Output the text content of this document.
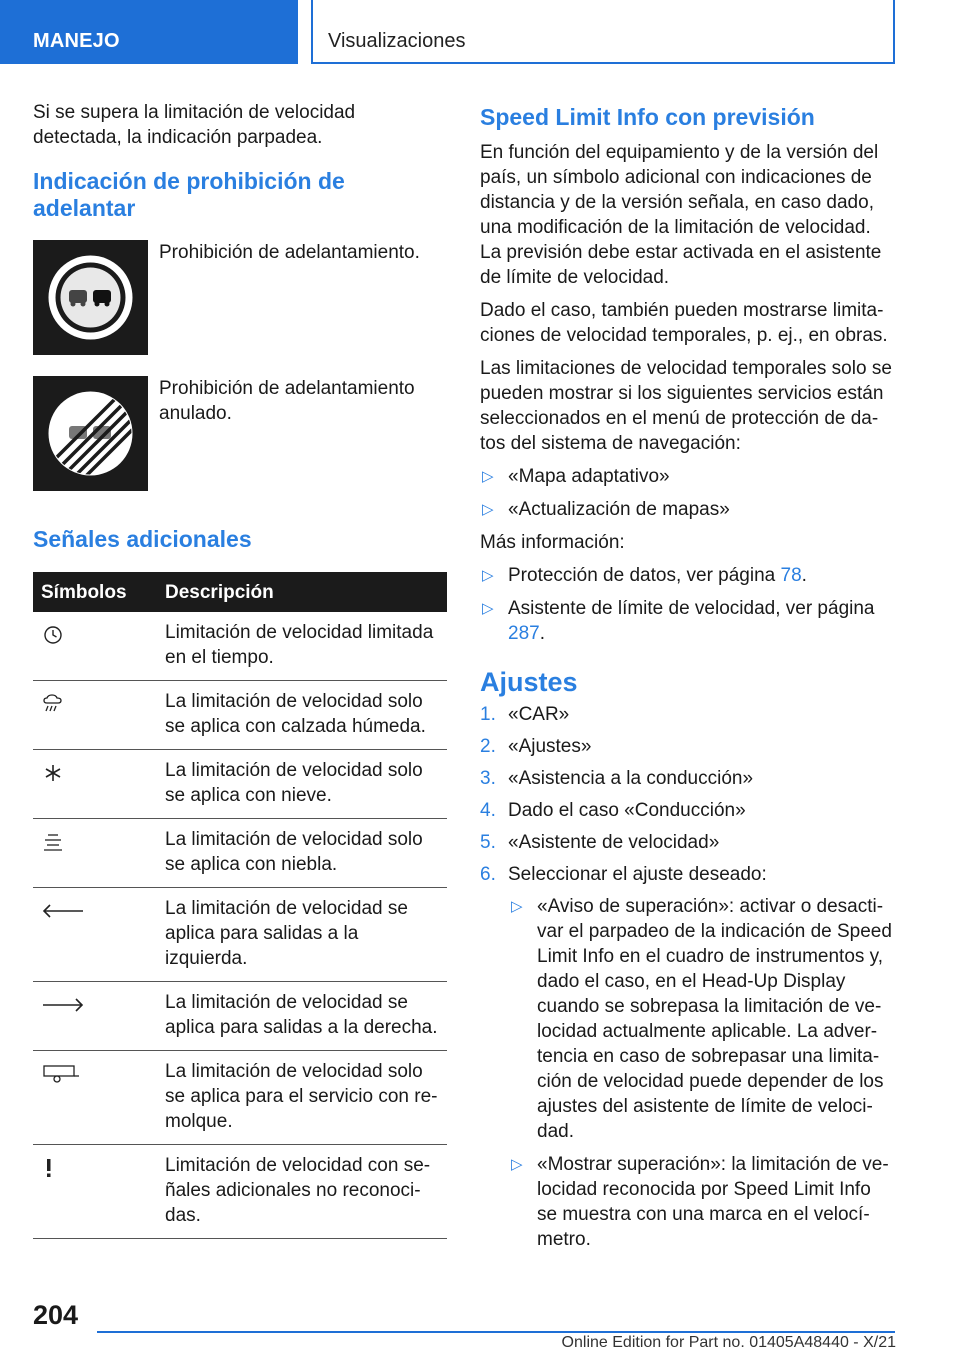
MANEJO	Visualizaciones

Si se supera la limitación de velocidad detectada, la indicación parpadea.

Indicación de prohibición de adelantar
Prohibición de adelantamiento.
Prohibición de adelantamiento anulado.
Señales adicionales
Símbolos	Descripción

	Limitación de velocidad limitada en el tiempo.

	La limitación de velocidad solo se aplica con calzada húmeda.

	La limitación de velocidad solo se aplica con nieve.

	La limitación de velocidad solo se aplica con niebla.

	La limitación de velocidad se aplica para salidas a la izquierda.

	La limitación de velocidad se aplica para salidas a la derecha.

	La limitación de velocidad solo se aplica para el servicio con remolque.

	Limitación de velocidad con señales adicionales no reconocidas.
Speed Limit Info con previsión

En función del equipamiento y de la versión del país, un símbolo adicional con indicaciones de distancia y de la versión señala, en caso dado, una modificación de la limitación de velocidad. La previsión debe estar activada en el asistente de límite de velocidad.

Dado el caso, también pueden mostrarse limitaciones de velocidad temporales, p. ej., en obras.

Las limitaciones de velocidad temporales solo se pueden mostrar si los siguientes servicios están seleccionados en el menú de protección de datos del sistema de navegación:

▷ «Mapa adaptativo»
▷ «Actualización de mapas»

Más información:

▷ Protección de datos, ver página 78.
▷ Asistente de límite de velocidad, ver página 287.
Ajustes
1. «CAR»
2. «Ajustes»
3. «Asistencia a la conducción»
4. Dado el caso «Conducción»
5. «Asistente de velocidad»
6. Seleccionar el ajuste deseado:
▷ «Aviso de superación»: activar o desactivar el parpadeo de la indicación de Speed Limit Info en el cuadro de instrumentos y, dado el caso, en el Head-Up Display cuando se sobrepasa la limitación de velocidad actualmente aplicable. La advertencia en caso de sobrepasar una limitación de velocidad puede depender de los ajustes del asistente de límite de velocidad.
▷ «Mostrar superación»: la limitación de velocidad reconocida por Speed Limit Info se muestra con una marca en el velocímetro.
204
Online Edition for Part no. 01405A48440 - X/21
